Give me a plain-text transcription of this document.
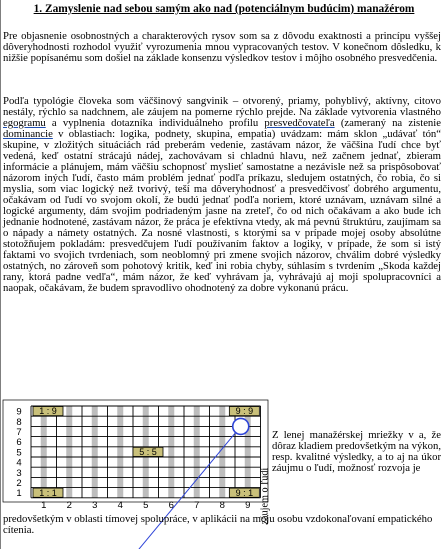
1. Zamyslenie nad sebou samým ako nad (potenciálnym budúcim) manažérom

Pre objasnenie osobnostných a charakterových rysov som sa z dôvodu exaktnosti a princípu vyššej dôveryhodnosti rozhodol využiť vyrozumenia mnou vypracovaných testov. V konečnom dôsledku, k nižšie popísanému som došiel na základe konsenzu výsledkov testov i môjho osobného presvedčenia.

Podľa typológie človeka som väčšinový sangvinik – otvorený, priamy, pohyblivý, aktívny, citovo nestály, rýchlo sa nadchnem, ale záujem na pomerne rýchlo prejde. Na základe vytvorenia vlastného egogramu a vyplnenia dotazníka individuálneho profilu presvedčovateľa (zameraný na zistenie dominancie v oblastiach: logika, podnety, skupina, empatia) uvádzam: mám sklon „udávať tón“ skupine, v zložitých situáciách rád preberám vedenie, zastávam názor, že väčšina ľudí chce byť vedená, keď ostatní strácajú nádej, zachovávam si chladnú hlavu, než začnem jednať, zbieram informácie a plánujem, mám väčšiu schopnosť myslieť samostatne a nezávisle než sa prispôsobovať názorom iných ľudí, často mám problém jednať podľa príkazu, sledujem ostatných, čo robia, čo si myslia, som viac logický než tvorivý, teší ma dôveryhodnosť a presvedčivosť dobrého argumentu, očakávam od ľudí vo svojom okolí, že budú jednať podľa noriem, ktoré uznávam, uznávam silné a logické argumenty, dám svojim podriadeným jasne na zreteľ, čo od nich očakávam a ako bude ich jednanie hodnotené, zastávam názor, že práca je efektívna vtedy, ak má pevnú štruktúru, zaujímam sa o nápady a námety ostatných. Za nosné vlastnosti, s ktorými sa v prípade mojej osoby absolútne stotožňujem pokladám: presvedčujem ľudí používaním faktov a logiky, v prípade, že som si istý faktami vo svojich tvrdeniach, som neoblomný pri zmene svojich názorov, chválim dobré výsledky ostatných, no zároveň som pohotový kritik, keď ini robia chyby, súhlasím s tvrdením „Skoda každej rany, ktorá padne vedľa“, mám názor, že keď vyhrávam ja, vyhrávajú aj moji spolupracovníci a naopak, očakávam, že budem spravodlivo ohodnotený za dobre vykonanú prácu.

9
8
7
6
5
4
3
2
1
1 2 3 4 5 6 7 8 9
1 : 9	9 : 9
5 : 5
1 : 1	9 : 1 záujem o ľudí

Z lenej manažérskej mriežky v a, že dôraz kladiem predovšetkým na výkon, resp. kvalitné výsledky, a to aj na úkor záujmu o ľudí, možnosť rozvoja je

predovšetkým v oblasti tímovej spolupráce, v aplikácii na moju osobu vzdokonaľovaní empatického cítenia.
